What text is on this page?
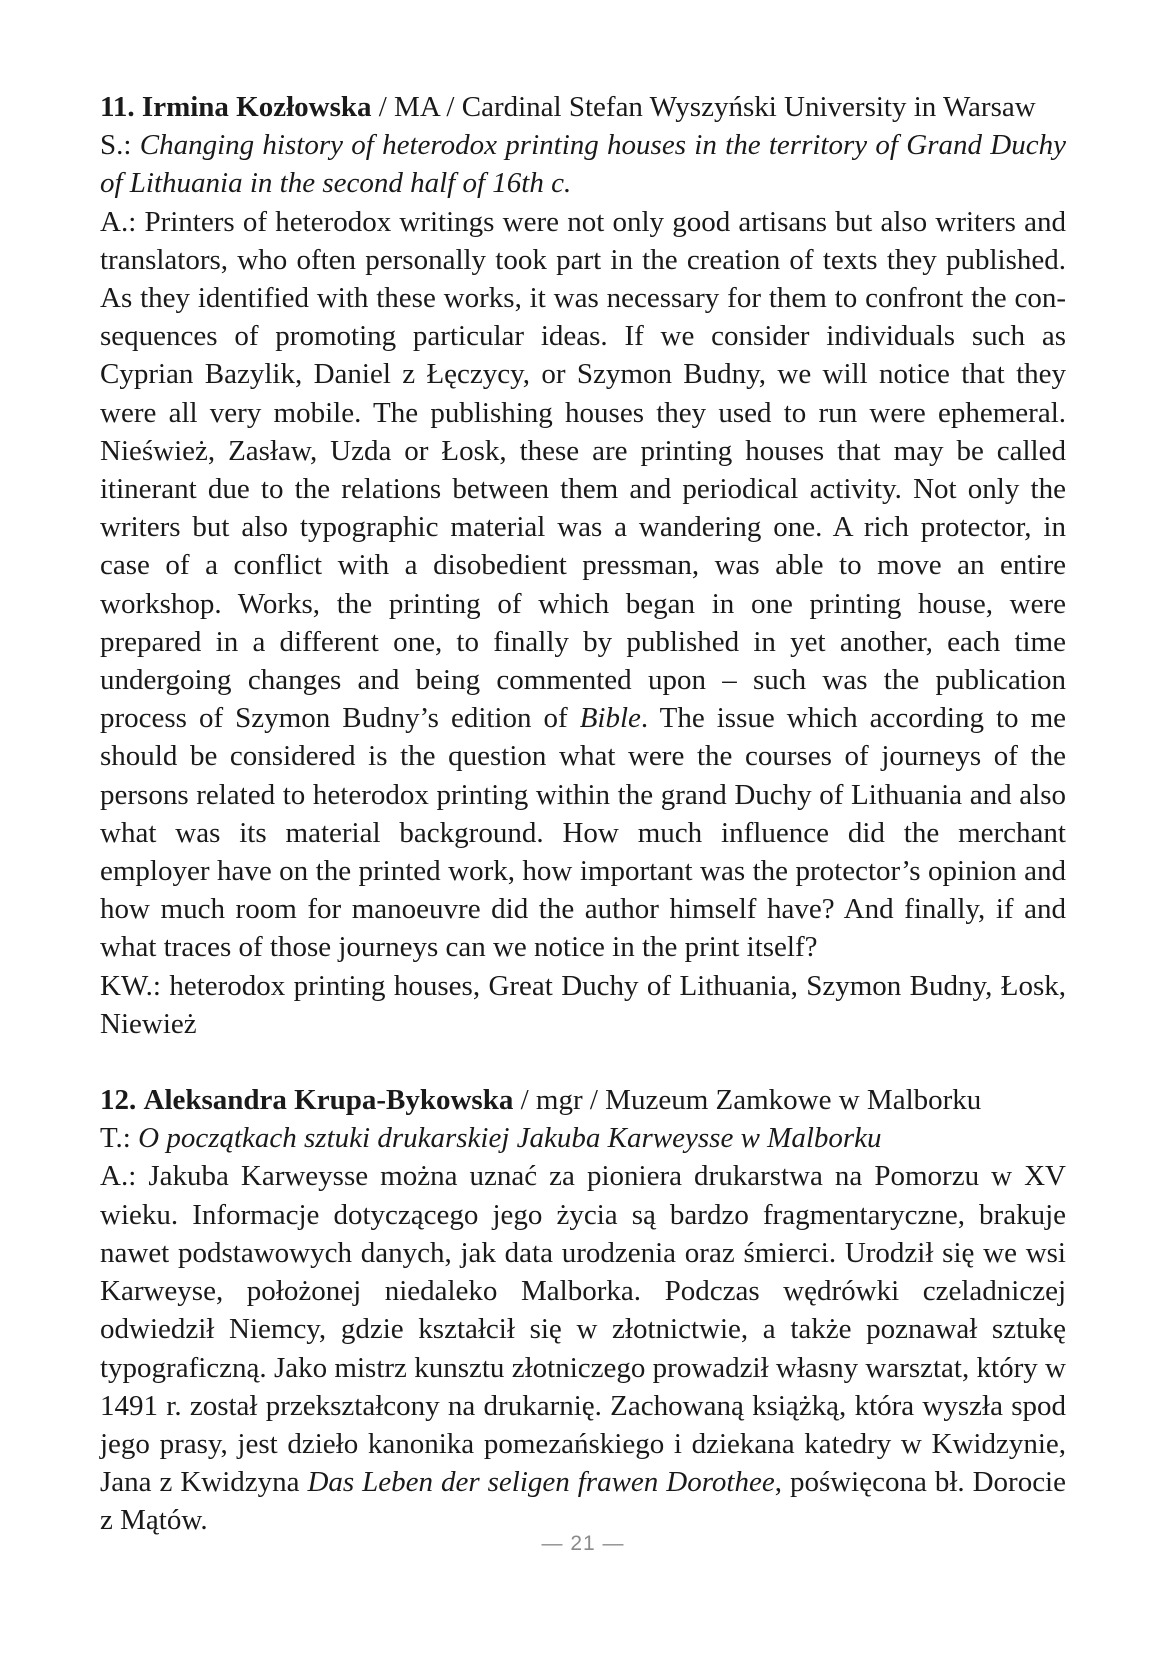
11. Irmina Kozłowska / MA / Cardinal Stefan Wyszyński University in Warsaw
S.: Changing history of heterodox printing houses in the territory of Grand Duchy of Lithuania in the second half of 16th c.
A.: Printers of heterodox writings were not only good artisans but also writers and translators, who often personally took part in the creation of texts they published. As they identified with these works, it was necessary for them to confront the consequences of promoting particular ideas. If we consider individuals such as Cyprian Bazylik, Daniel z Łęczycy, or Szymon Budny, we will notice that they were all very mobile. The publishing houses they used to run were ephemeral. Nieśwież, Zasław, Uzda or Łosk, these are printing houses that may be called itinerant due to the relations between them and periodical activity. Not only the writers but also typographic material was a wandering one. A rich protector, in case of a conflict with a disobedient pressman, was able to move an entire workshop. Works, the printing of which began in one printing house, were prepared in a different one, to finally by published in yet another, each time undergoing changes and being commented upon – such was the publication process of Szymon Budny’s edition of Bible. The issue which according to me should be considered is the question what were the courses of journeys of the persons related to heterodox printing within the grand Duchy of Lithuania and also what was its material background. How much influence did the merchant employer have on the printed work, how important was the protector’s opinion and how much room for manoeuvre did the author himself have? And finally, if and what traces of those journeys can we notice in the print itself?
KW.: heterodox printing houses, Great Duchy of Lithuania, Szymon Budny, Łosk, Niewież
12. Aleksandra Krupa-Bykowska / mgr / Muzeum Zamkowe w Malborku
T.: O początkach sztuki drukarskiej Jakuba Karweysse w Malborku
A.: Jakuba Karweysse można uznać za pioniera drukarstwa na Pomorzu w XV wieku. Informacje dotyczącego jego życia są bardzo fragmentaryczne, brakuje nawet podstawowych danych, jak data urodzenia oraz śmierci. Urodził się we wsi Karweyse, położonej niedaleko Malborka. Podczas wędrówki czeladniczej odwiedził Niemcy, gdzie kształcił się w złotnictwie, a także poznawał sztukę typograficzną. Jako mistrz kunsztu złotniczego prowadził własny warsztat, który w 1491 r. został przekształcony na drukarnię. Zachowaną książką, która wyszła spod jego prasy, jest dzieło kanonika pomezańskiego i dziekana katedry w Kwidzynie, Jana z Kwidzyna Das Leben der seligen frawen Dorothee, poświęcona bł. Dorocie z Mątów.
— 21 —
